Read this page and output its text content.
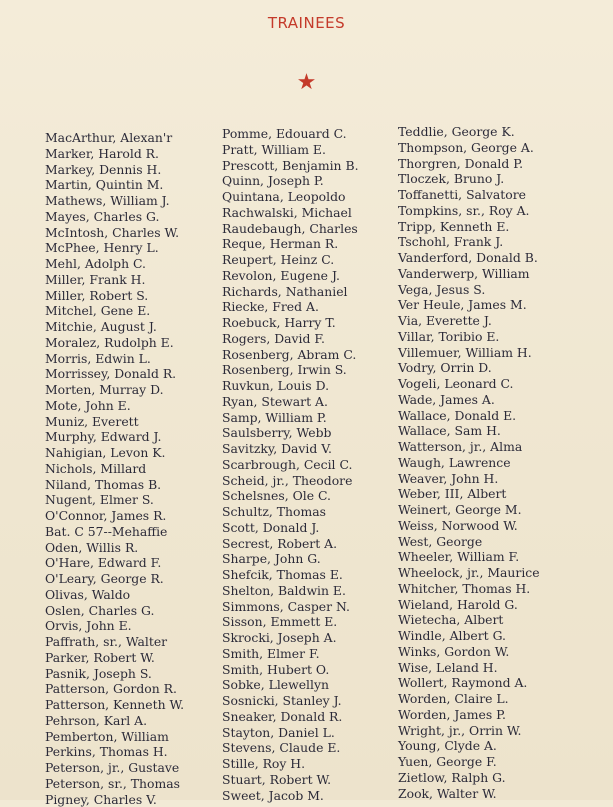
TRAINEES
★
MacArthur, Alexan'r
Marker, Harold R.
Markey, Dennis H.
Martin, Quintin M.
Mathews, William J.
Mayes, Charles G.
McIntosh, Charles W.
McPhee, Henry L.
Mehl, Adolph C.
Miller, Frank H.
Miller, Robert S.
Mitchel, Gene E.
Mitchie, August J.
Moralez, Rudolph E.
Morris, Edwin L.
Morrissey, Donald R.
Morten, Murray D.
Mote, John E.
Muniz, Everett
Murphy, Edward J.
Nahigian, Levon K.
Nichols, Millard
Niland, Thomas B.
Nugent, Elmer S.
O'Connor, James R.
Bat. C 57--Mehaffie
Oden, Willis R.
O'Hare, Edward F.
O'Leary, George R.
Olivas, Waldo
Oslen, Charles G.
Orvis, John E.
Paffrath, sr., Walter
Parker, Robert W.
Pasnik, Joseph S.
Patterson, Gordon R.
Patterson, Kenneth W.
Pehrson, Karl A.
Pemberton, William
Perkins, Thomas H.
Peterson, jr., Gustave
Peterson, sr., Thomas
Pigney, Charles V.
Pomme, Edouard C.
Pratt, William E.
Prescott, Benjamin B.
Quinn, Joseph P.
Quintana, Leopoldo
Rachwalski, Michael
Raudebaugh, Charles
Reque, Herman R.
Reupert, Heinz C.
Revolon, Eugene J.
Richards, Nathaniel
Riecke, Fred A.
Roebuck, Harry T.
Rogers, David F.
Rosenberg, Abram C.
Rosenberg, Irwin S.
Ruvkun, Louis D.
Ryan, Stewart A.
Samp, William P.
Saulsberry, Webb
Savitzky, David V.
Scarbrough, Cecil C.
Scheid, jr., Theodore
Schelsnes, Ole C.
Schultz, Thomas
Scott, Donald J.
Secrest, Robert A.
Sharpe, John G.
Shefcik, Thomas E.
Shelton, Baldwin E.
Simmons, Casper N.
Sisson, Emmett E.
Skrocki, Joseph A.
Smith, Elmer F.
Smith, Hubert O.
Sobke, Llewellyn
Sosnicki, Stanley J.
Sneaker, Donald R.
Stayton, Daniel L.
Stevens, Claude E.
Stille, Roy H.
Stuart, Robert W.
Sweet, Jacob M.
Teddlie, George K.
Thompson, George A.
Thorgren, Donald P.
Tloczek, Bruno J.
Toffanetti, Salvatore
Tompkins, sr., Roy A.
Tripp, Kenneth E.
Tschohl, Frank J.
Vanderford, Donald B.
Vanderwerp, William
Vega, Jesus S.
Ver Heule, James M.
Via, Everette J.
Villar, Toribio E.
Villemuer, William H.
Vodry, Orrin D.
Vogeli, Leonard C.
Wade, James A.
Wallace, Donald E.
Wallace, Sam H.
Watterson, jr., Alma
Waugh, Lawrence
Weaver, John H.
Weber, III, Albert
Weinert, George M.
Weiss, Norwood W.
West, George
Wheeler, William F.
Wheelock, jr., Maurice
Whitcher, Thomas H.
Wieland, Harold G.
Wietecha, Albert
Windle, Albert G.
Winks, Gordon W.
Wise, Leland H.
Wollert, Raymond A.
Worden, Claire L.
Worden, James P.
Wright, jr., Orrin W.
Young, Clyde A.
Yuen, George F.
Zietlow, Ralph G.
Zook, Walter W.
